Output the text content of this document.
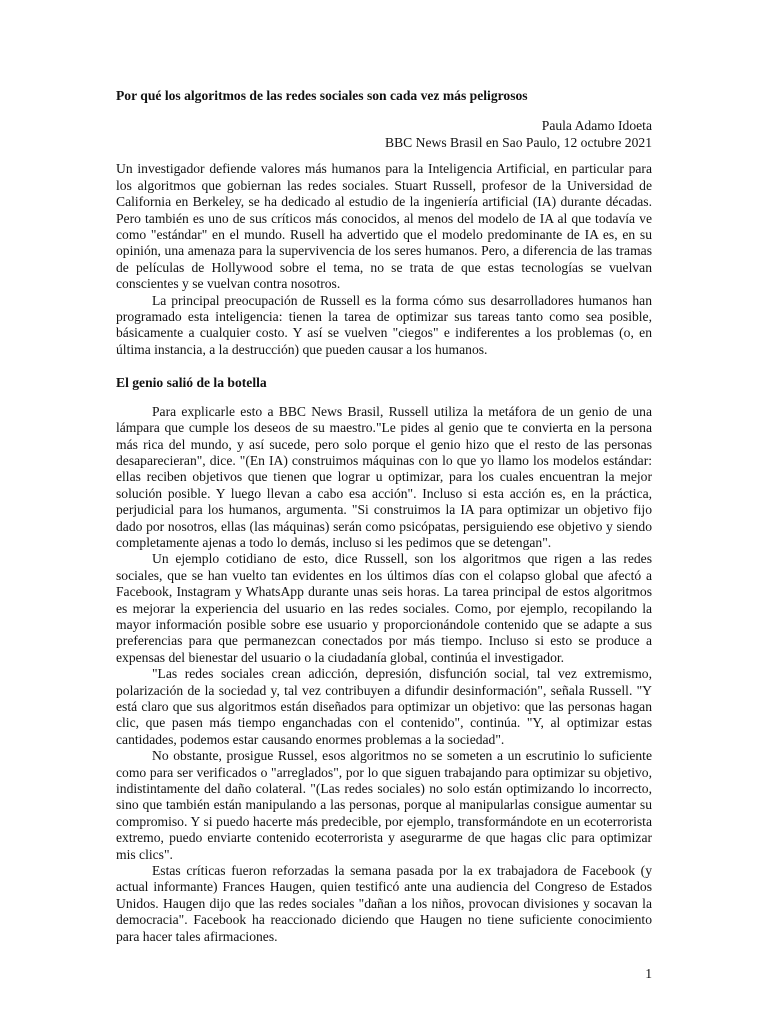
Por qué los algoritmos de las redes sociales son cada vez más peligrosos
Paula Adamo Idoeta
BBC News Brasil en Sao Paulo, 12 octubre 2021

Un investigador defiende valores más humanos para la Inteligencia Artificial, en particular para los algoritmos que gobiernan las redes sociales. Stuart Russell, profesor de la Universidad de California en Berkeley, se ha dedicado al estudio de la ingeniería artificial (IA) durante décadas. Pero también es uno de sus críticos más conocidos, al menos del modelo de IA al que todavía ve como "estándar" en el mundo. Rusell ha advertido que el modelo predominante de IA es, en su opinión, una amenaza para la supervivencia de los seres humanos. Pero, a diferencia de las tramas de películas de Hollywood sobre el tema, no se trata de que estas tecnologías se vuelvan conscientes y se vuelvan contra nosotros.

La principal preocupación de Russell es la forma cómo sus desarrolladores humanos han programado esta inteligencia: tienen la tarea de optimizar sus tareas tanto como sea posible, básicamente a cualquier costo. Y así se vuelven "ciegos" e indiferentes a los problemas (o, en última instancia, a la destrucción) que pueden causar a los humanos.

El genio salió de la botella

Para explicarle esto a BBC News Brasil, Russell utiliza la metáfora de un genio de una lámpara que cumple los deseos de su maestro."Le pides al genio que te convierta en la persona más rica del mundo, y así sucede, pero solo porque el genio hizo que el resto de las personas desaparecieran", dice. "(En IA) construimos máquinas con lo que yo llamo los modelos estándar: ellas reciben objetivos que tienen que lograr u optimizar, para los cuales encuentran la mejor solución posible. Y luego llevan a cabo esa acción". Incluso si esta acción es, en la práctica, perjudicial para los humanos, argumenta. "Si construimos la IA para optimizar un objetivo fijo dado por nosotros, ellas (las máquinas) serán como psicópatas, persiguiendo ese objetivo y siendo completamente ajenas a todo lo demás, incluso si les pedimos que se detengan".

Un ejemplo cotidiano de esto, dice Russell, son los algoritmos que rigen a las redes sociales, que se han vuelto tan evidentes en los últimos días con el colapso global que afectó a Facebook, Instagram y WhatsApp durante unas seis horas. La tarea principal de estos algoritmos es mejorar la experiencia del usuario en las redes sociales. Como, por ejemplo, recopilando la mayor información posible sobre ese usuario y proporcionándole contenido que se adapte a sus preferencias para que permanezcan conectados por más tiempo. Incluso si esto se produce a expensas del bienestar del usuario o la ciudadanía global, continúa el investigador.

"Las redes sociales crean adicción, depresión, disfunción social, tal vez extremismo, polarización de la sociedad y, tal vez contribuyen a difundir desinformación", señala Russell. "Y está claro que sus algoritmos están diseñados para optimizar un objetivo: que las personas hagan clic, que pasen más tiempo enganchadas con el contenido", continúa. "Y, al optimizar estas cantidades, podemos estar causando enormes problemas a la sociedad".

No obstante, prosigue Russel, esos algoritmos no se someten a un escrutinio lo suficiente como para ser verificados o "arreglados", por lo que siguen trabajando para optimizar su objetivo, indistintamente del daño colateral. "(Las redes sociales) no solo están optimizando lo incorrecto, sino que también están manipulando a las personas, porque al manipularlas consigue aumentar su compromiso. Y si puedo hacerte más predecible, por ejemplo, transformándote en un ecoterrorista extremo, puedo enviarte contenido ecoterrorista y asegurarme de que hagas clic para optimizar mis clics".

Estas críticas fueron reforzadas la semana pasada por la ex trabajadora de Facebook (y actual informante) Frances Haugen, quien testificó ante una audiencia del Congreso de Estados Unidos. Haugen dijo que las redes sociales "dañan a los niños, provocan divisiones y socavan la democracia". Facebook ha reaccionado diciendo que Haugen no tiene suficiente conocimiento para hacer tales afirmaciones.

1
